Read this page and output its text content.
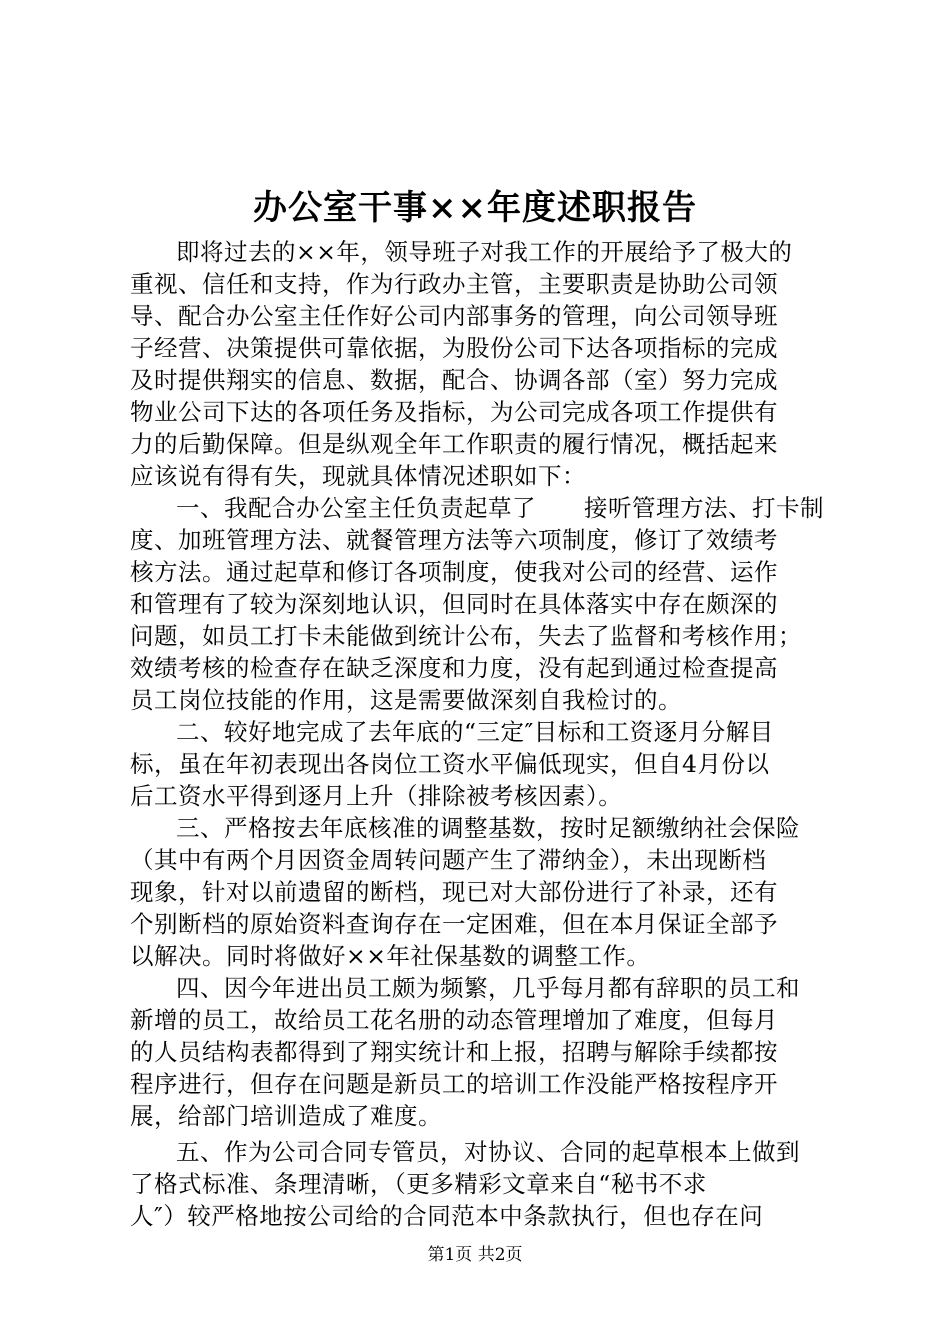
办公室干事××年度述职报告
即将过去的××年，领导班子对我工作的开展给予了极大的
重视、信任和支持，作为行政办主管，主要职责是协助公司领
导、配合办公室主任作好公司内部事务的管理，向公司领导班
子经营、决策提供可靠依据，为股份公司下达各项指标的完成
及时提供翔实的信息、数据，配合、协调各部（室）努力完成
物业公司下达的各项任务及指标，为公司完成各项工作提供有
力的后勤保障。但是纵观全年工作职责的履行情况，概括起来
应该说有得有失，现就具体情况述职如下：
一、我配合办公室主任负责起草了　　接听管理方法、打卡制
度、加班管理方法、就餐管理方法等六项制度，修订了效绩考
核方法。通过起草和修订各项制度，使我对公司的经营、运作
和管理有了较为深刻地认识，但同时在具体落实中存在颇深的
问题，如员工打卡未能做到统计公布，失去了监督和考核作用；
效绩考核的检查存在缺乏深度和力度，没有起到通过检查提高
员工岗位技能的作用，这是需要做深刻自我检讨的。
二、较好地完成了去年底的“三定″目标和工资逐月分解目
标，虽在年初表现出各岗位工资水平偏低现实，但自4月份以
后工资水平得到逐月上升（排除被考核因素）。
三、严格按去年底核准的调整基数，按时足额缴纳社会保险
（其中有两个月因资金周转问题产生了滞纳金），未出现断档
现象，针对以前遗留的断档，现已对大部份进行了补录，还有
个别断档的原始资料查询存在一定困难，但在本月保证全部予
以解决。同时将做好××年社保基数的调整工作。
四、因今年进出员工颇为频繁，几乎每月都有辞职的员工和
新增的员工，故给员工花名册的动态管理增加了难度，但每月
的人员结构表都得到了翔实统计和上报，招聘与解除手续都按
程序进行，但存在问题是新员工的培训工作没能严格按程序开
展，给部门培训造成了难度。
五、作为公司合同专管员，对协议、合同的起草根本上做到
了格式标准、条理清晰，（更多精彩文章来自“秘书不求
人″）较严格地按公司给的合同范本中条款执行，但也存在问
第1页 共2页
